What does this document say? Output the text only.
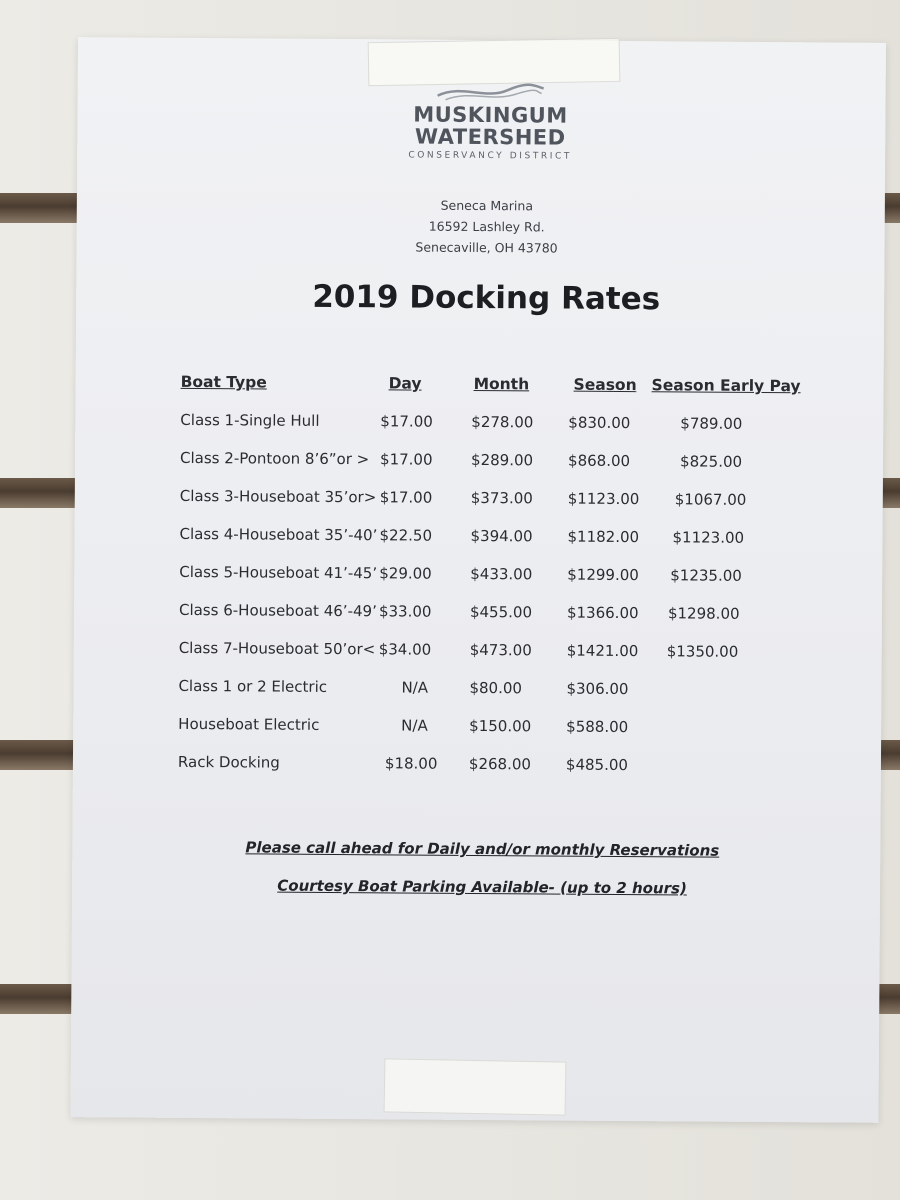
MUSKINGUM
WATERSHED
CONSERVANCY DISTRICT
Seneca Marina
16592 Lashley Rd.
Senecaville, OH 43780
2019 Docking Rates
Boat Type	Day	Month	Season Season Early Pay
Class 1-Single Hull	$17.00	$278.00 $830.00	$789.00
Class 2-Pontoon 8’6”or > $17.00	$289.00 $868.00	$825.00
Class 3-Houseboat 35’or> $17.00	$373.00 $1123.00 $1067.00
Class 4-Houseboat 35’-40’ $22.50	$394.00 $1182.00 $1123.00
Class 5-Houseboat 41’-45’ $29.00	$433.00 $1299.00 $1235.00
Class 6-Houseboat 46’-49’ $33.00	$455.00 $1366.00 $1298.00
Class 7-Houseboat 50’or< $34.00	$473.00 $1421.00 $1350.00
Class 1 or 2 Electric	N/A	$80.00	$306.00
Houseboat Electric	N/A	$150.00 $588.00
Rack Docking	$18.00 $268.00 $485.00
Please call ahead for Daily and/or monthly Reservations
Courtesy Boat Parking Available- (up to 2 hours)
